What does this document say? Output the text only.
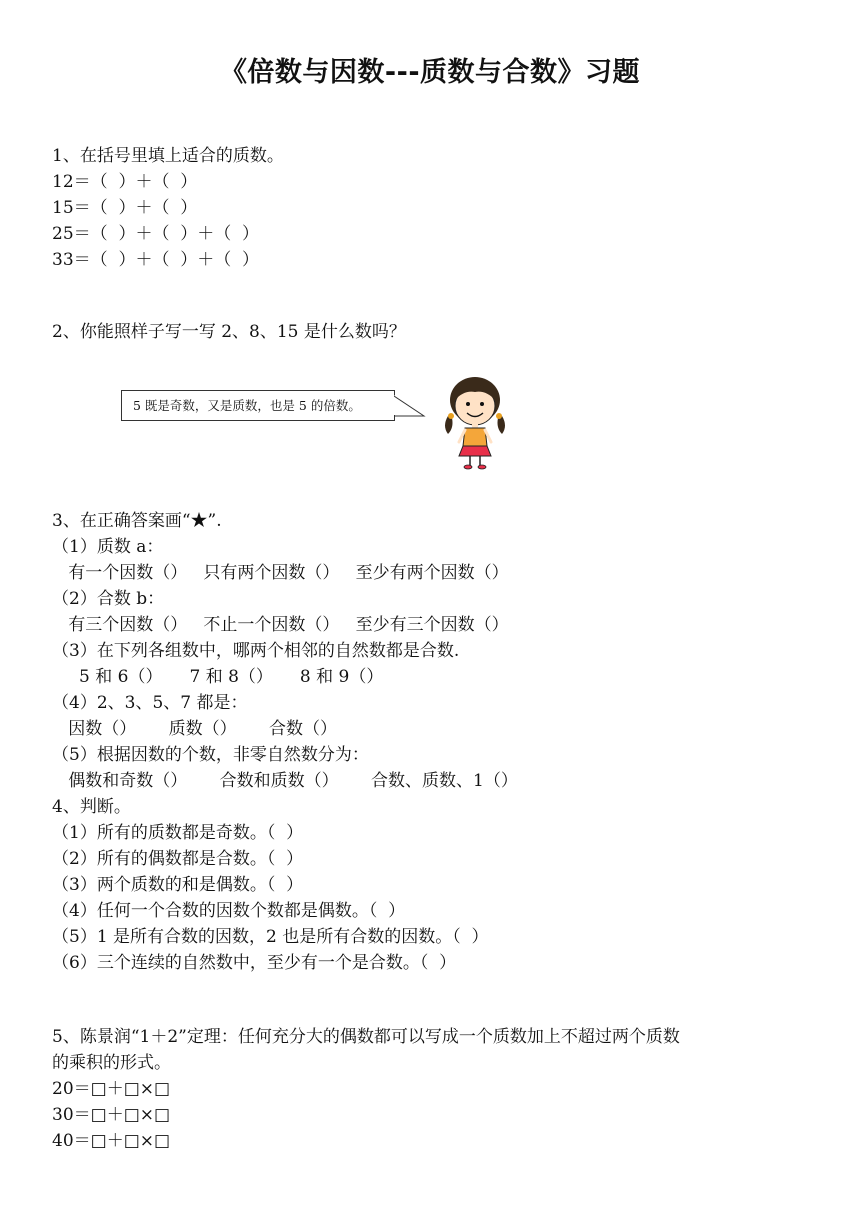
《倍数与因数---质数与合数》习题
1、在括号里填上适合的质数。
12＝（  ）＋（  ）
15＝（  ）＋（  ）
25＝（  ）＋（  ）＋（  ）
33＝（  ）＋（  ）＋（  ）
2、你能照样子写一写 2、8、15 是什么数吗？
5 既是奇数，又是质数，也是 5 的倍数。
3、在正确答案画“★”.
（1）质数 a：
有一个因数（）   只有两个因数（）   至少有两个因数（）
（2）合数 b：
有三个因数（）   不止一个因数（）   至少有三个因数（）
（3）在下列各组数中，哪两个相邻的自然数都是合数.
5 和 6（）     7 和 8（）     8 和 9（）
（4）2、3、5、7 都是：
因数（）      质数（）      合数（）
（5）根据因数的个数，非零自然数分为：
偶数和奇数（）      合数和质数（）      合数、质数、1（）
4、判断。
（1）所有的质数都是奇数。（  ）
（2）所有的偶数都是合数。（  ）
（3）两个质数的和是偶数。（  ）
（4）任何一个合数的因数个数都是偶数。（  ）
（5）1 是所有合数的因数，2 也是所有合数的因数。（  ）
（6）三个连续的自然数中，至少有一个是合数。（  ）
5、陈景润“1＋2”定理：任何充分大的偶数都可以写成一个质数加上不超过两个质数
的乘积的形式。
20＝□＋□×□
30＝□＋□×□
40＝□＋□×□
